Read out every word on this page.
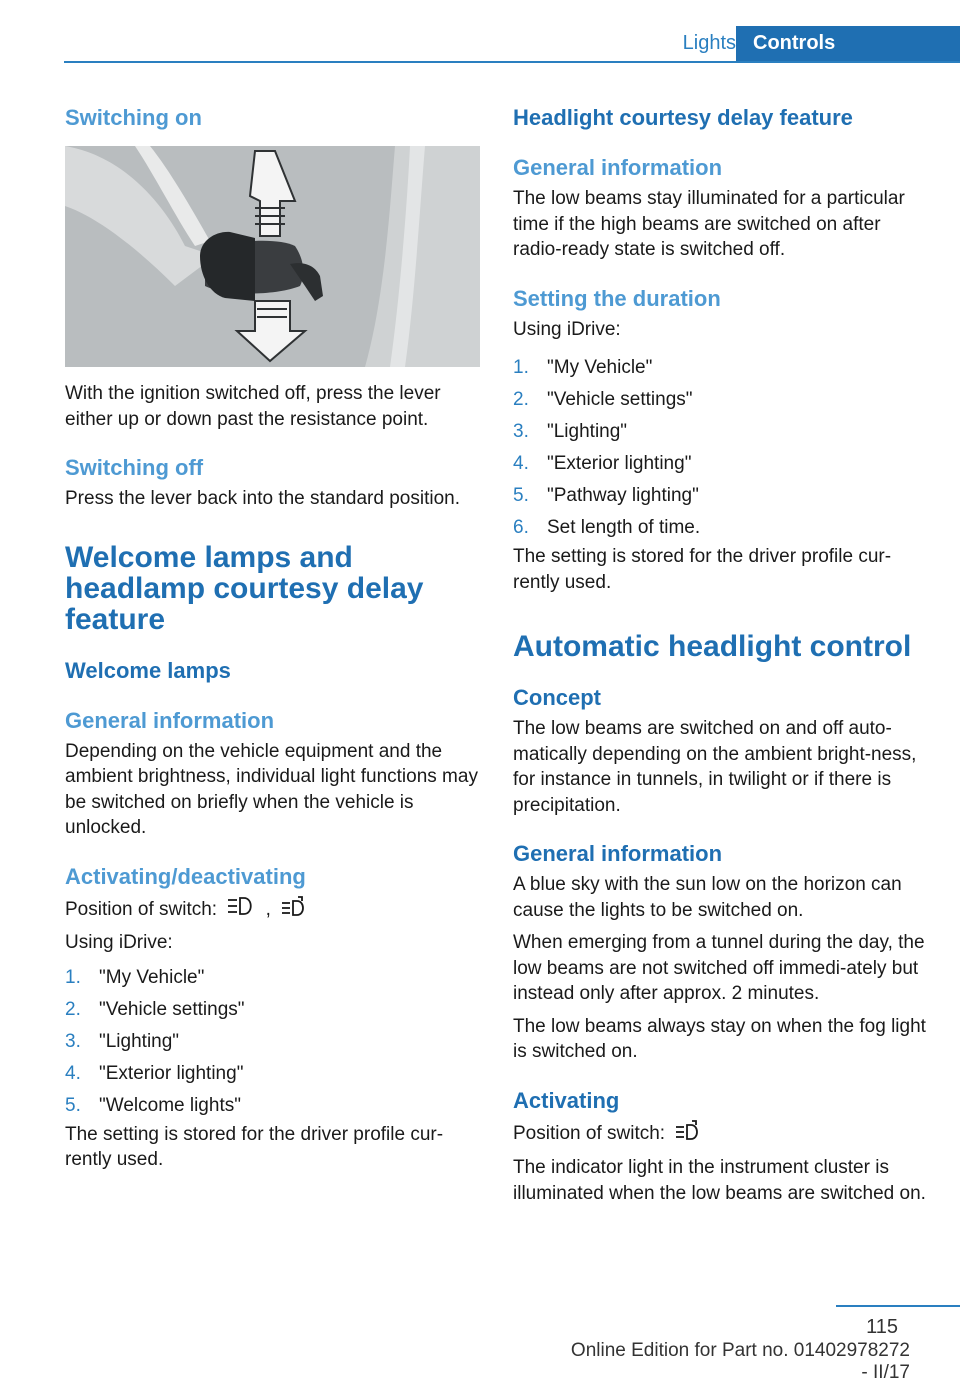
Lights Controls
Switching on

With the ignition switched off, press the lever either up or down past the resistance point.

Switching off

Press the lever back into the standard position.

Welcome lamps and headlamp courtesy delay feature
Welcome lamps
General information

Depending on the vehicle equipment and the ambient brightness, individual light functions may be switched on briefly when the vehicle is unlocked.

Activating/deactivating

Position of switch:	,

Using iDrive:

1. "My Vehicle"
2. "Vehicle settings"
3. "Lighting"
4. "Exterior lighting"
5. "Welcome lights"

The setting is stored for the driver profile cur-rently used.

Headlight courtesy delay feature
General information

The low beams stay illuminated for a particular time if the high beams are switched on after radio-ready state is switched off.

Setting the duration

Using iDrive:

1. "My Vehicle"
2. "Vehicle settings"
3. "Lighting"
4. "Exterior lighting"
5. "Pathway lighting"
6. Set length of time.

The setting is stored for the driver profile cur-rently used.

Automatic headlight control
Concept

The low beams are switched on and off auto-matically depending on the ambient bright-ness, for instance in tunnels, in twilight or if there is precipitation.

General information

A blue sky with the sun low on the horizon can cause the lights to be switched on.

When emerging from a tunnel during the day, the low beams are not switched off immedi-ately but instead only after approx. 2 minutes.

The low beams always stay on when the fog light is switched on.

Activating

Position of switch:

The indicator light in the instrument cluster is illuminated when the low beams are switched on.

115
Online Edition for Part no. 01402978272 - II/17
